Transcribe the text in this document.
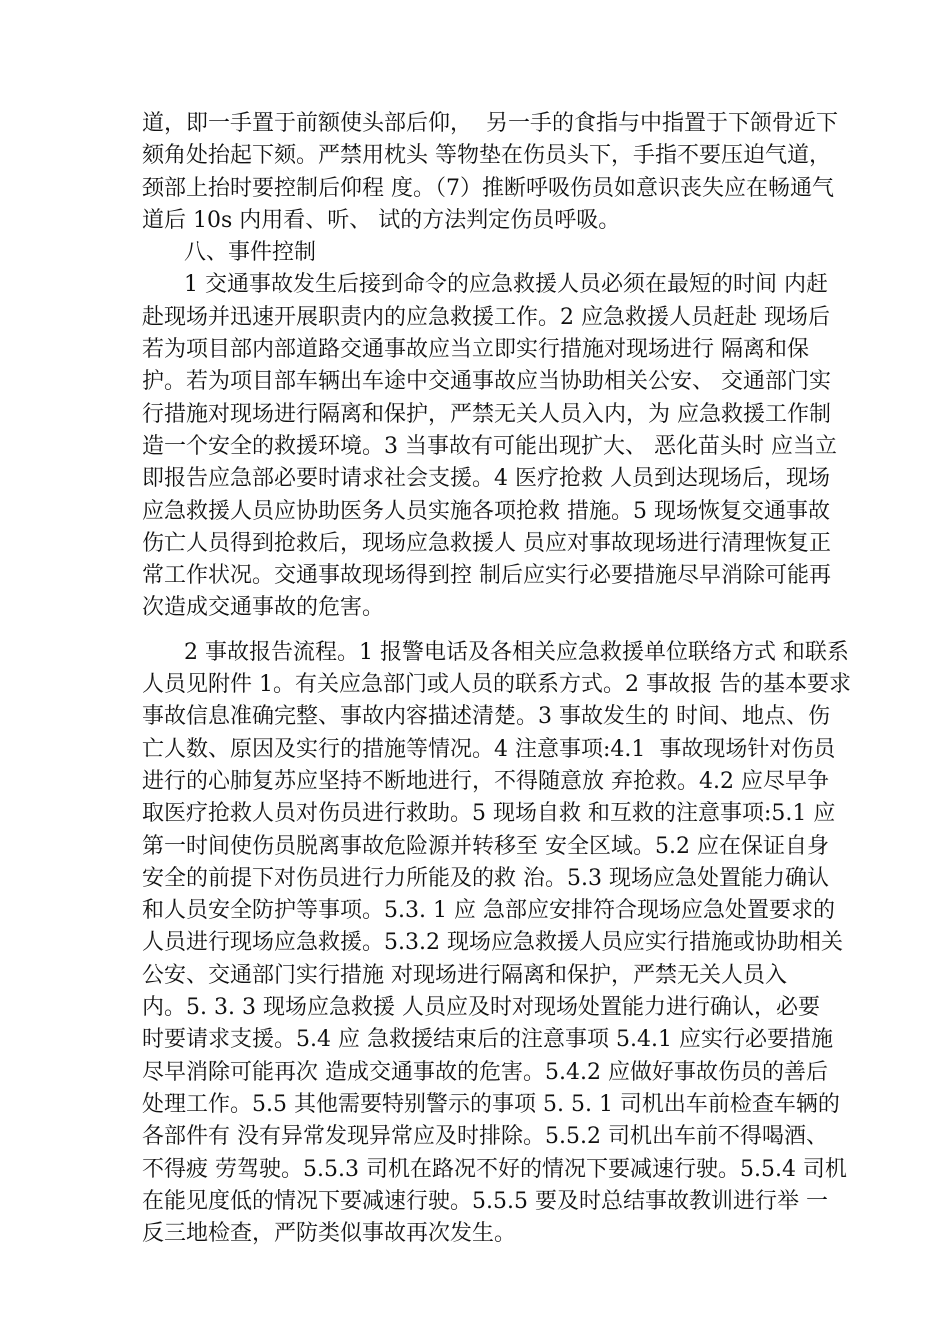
道，即一手置于前额使头部后仰，  另一手的食指与中指置于下颌骨近下
颏角处抬起下颏。严禁用枕头 等物垫在伤员头下，手指不要压迫气道，
颈部上抬时要控制后仰程 度。（7）推断呼吸伤员如意识丧失应在畅通气
道后 10s 内用看、听、 试的方法判定伤员呼吸。
八、事件控制
1 交通事故发生后接到命令的应急救援人员必须在最短的时间 内赶
赴现场并迅速开展职责内的应急救援工作。2 应急救援人员赶赴 现场后
若为项目部内部道路交通事故应当立即实行措施对现场进行 隔离和保
护。若为项目部车辆出车途中交通事故应当协助相关公安、 交通部门实
行措施对现场进行隔离和保护，严禁无关人员入内，为 应急救援工作制
造一个安全的救援环境。3 当事故有可能出现扩大、 恶化苗头时 应当立
即报告应急部必要时请求社会支援。4 医疗抢救 人员到达现场后，现场
应急救援人员应协助医务人员实施各项抢救 措施。5 现场恢复交通事故
伤亡人员得到抢救后，现场应急救援人 员应对事故现场进行清理恢复正
常工作状况。交通事故现场得到控 制后应实行必要措施尽早消除可能再
次造成交通事故的危害。
2 事故报告流程。1 报警电话及各相关应急救援单位联络方式 和联系
人员见附件 1。有关应急部门或人员的联系方式。2 事故报 告的基本要求
事故信息准确完整、事故内容描述清楚。3 事故发生的 时间、地点、伤
亡人数、原因及实行的措施等情况。4 注意事项:4.1  事故现场针对伤员
进行的心肺复苏应坚持不断地进行，不得随意放 弃抢救。4.2 应尽早争
取医疗抢救人员对伤员进行救助。5 现场自救 和互救的注意事项:5.1 应
第一时间使伤员脱离事故危险源并转移至 安全区域。5.2 应在保证自身
安全的前提下对伤员进行力所能及的救 治。5.3 现场应急处置能力确认
和人员安全防护等事项。5.3. 1 应 急部应安排符合现场应急处置要求的
人员进行现场应急救援。5.3.2 现场应急救援人员应实行措施或协助相关
公安、交通部门实行措施 对现场进行隔离和保护，严禁无关人员入
内。5. 3. 3 现场应急救援 人员应及时对现场处置能力进行确认，必要
时要请求支援。5.4 应 急救援结束后的注意事项 5.4.1 应实行必要措施
尽早消除可能再次 造成交通事故的危害。5.4.2 应做好事故伤员的善后
处理工作。5.5 其他需要特别警示的事项 5. 5. 1 司机出车前检查车辆的
各部件有 没有异常发现异常应及时排除。5.5.2 司机出车前不得喝酒、
不得疲 劳驾驶。5.5.3 司机在路况不好的情况下要减速行驶。5.5.4 司机
在能见度低的情况下要减速行驶。5.5.5 要及时总结事故教训进行举 一
反三地检查，严防类似事故再次发生。
